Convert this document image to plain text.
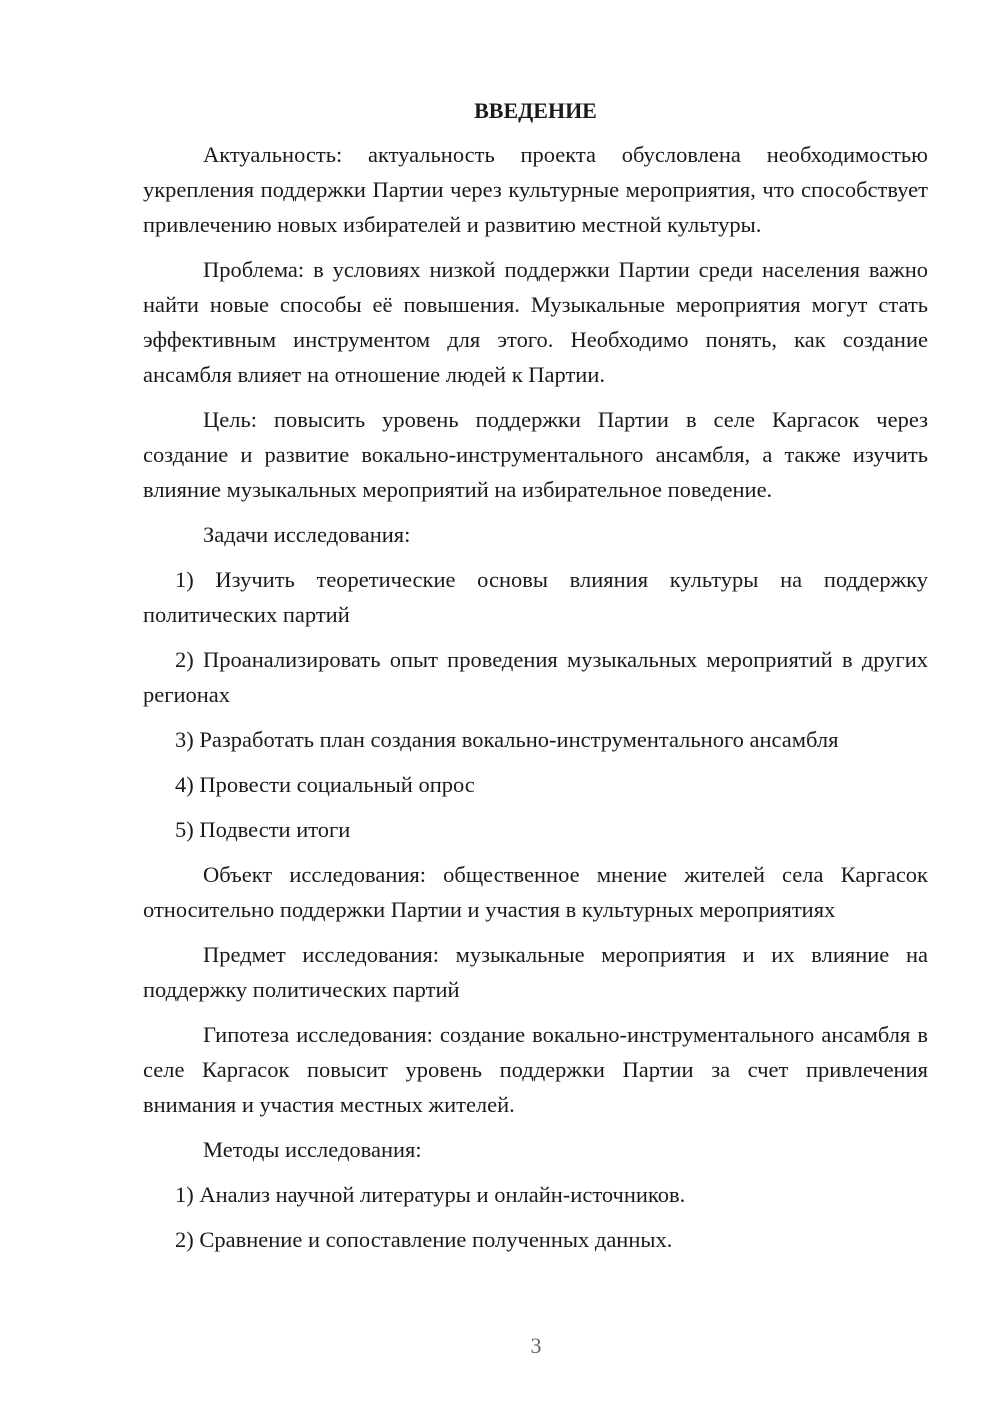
ВВЕДЕНИЕ

Актуальность: актуальность проекта обусловлена необходимостью укрепления поддержки Партии через культурные мероприятия, что способствует привлечению новых избирателей и развитию местной культуры.

Проблема: в условиях низкой поддержки Партии среди населения важно найти новые способы её повышения. Музыкальные мероприятия могут стать эффективным инструментом для этого. Необходимо понять, как создание ансамбля влияет на отношение людей к Партии.

Цель: повысить уровень поддержки Партии в селе Каргасок через создание и развитие вокально-инструментального ансамбля, а также изучить влияние музыкальных мероприятий на избирательное поведение.

Задачи исследования:

1) Изучить теоретические основы влияния культуры на поддержку политических партий

2) Проанализировать опыт проведения музыкальных мероприятий в других регионах

3) Разработать план создания вокально-инструментального ансамбля

4) Провести социальный опрос

5) Подвести итоги

Объект исследования: общественное мнение жителей села Каргасок относительно поддержки Партии и участия в культурных мероприятиях

Предмет исследования: музыкальные мероприятия и их влияние на поддержку политических партий

Гипотеза исследования: создание вокально-инструментального ансамбля в селе Каргасок повысит уровень поддержки Партии за счет привлечения внимания и участия местных жителей.

Методы исследования:

1) Анализ научной литературы и онлайн-источников.

2) Сравнение и сопоставление полученных данных.

3
